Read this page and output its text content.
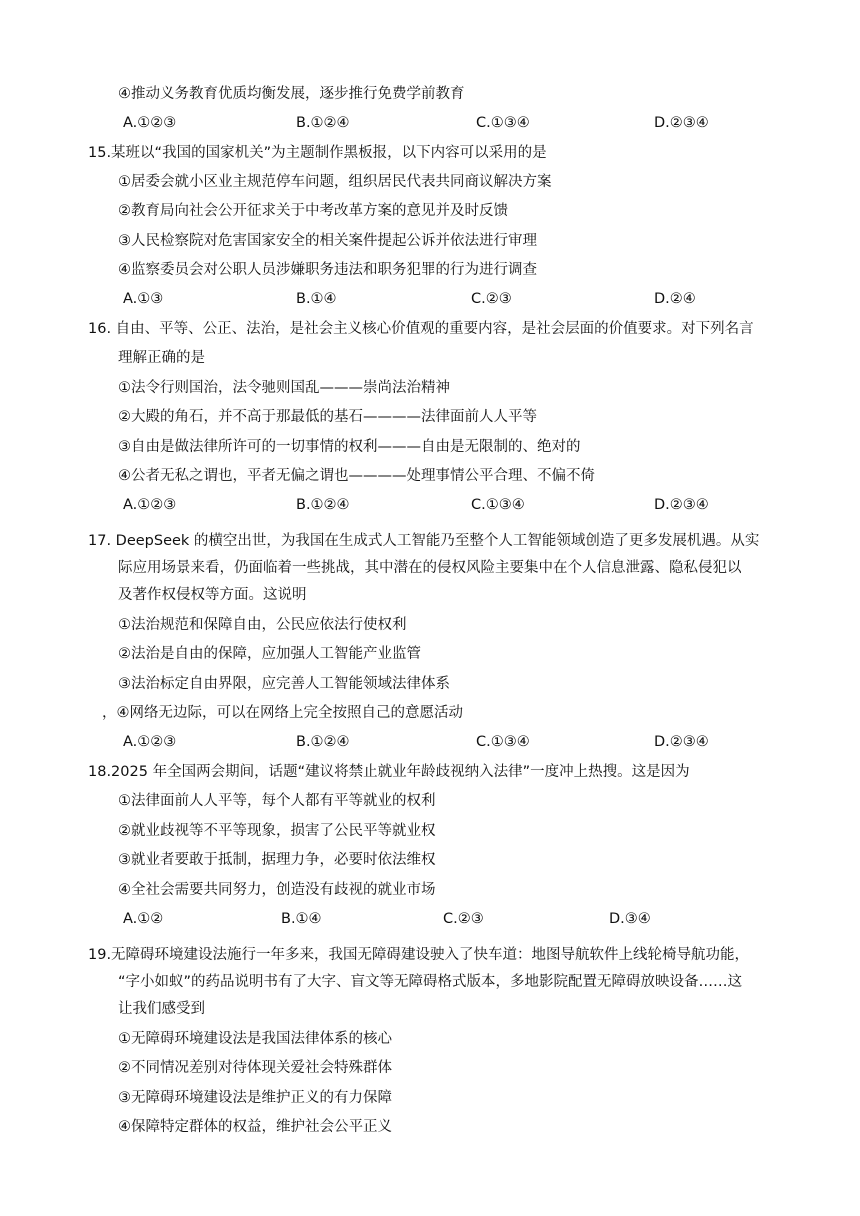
④推动义务教育优质均衡发展，逐步推行免费学前教育
A.①②③	B.①②④	C.①③④	D.②③④
15.某班以“我国的国家机关”为主题制作黑板报，以下内容可以采用的是
①居委会就小区业主规范停车问题，组织居民代表共同商议解决方案
②教育局向社会公开征求关于中考改革方案的意见并及时反馈
③人民检察院对危害国家安全的相关案件提起公诉并依法进行审理
④监察委员会对公职人员涉嫌职务违法和职务犯罪的行为进行调查
A.①③	B.①④	C.②③	D.②④
16. 自由、平等、公正、法治，是社会主义核心价值观的重要内容，是社会层面的价值要求。对下列名言
理解正确的是
①法令行则国治，法令驰则国乱———崇尚法治精神
②大殿的角石，并不高于那最低的基石————法律面前人人平等
③自由是做法律所许可的一切事情的权利———自由是无限制的、绝对的
④公者无私之谓也，平者无偏之谓也————处理事情公平合理、不偏不倚
A.①②③	B.①②④	C.①③④	D.②③④
17. DeepSeek 的横空出世，为我国在生成式人工智能乃至整个人工智能领域创造了更多发展机遇。从实
际应用场景来看，仍面临着一些挑战，其中潜在的侵权风险主要集中在个人信息泄露、隐私侵犯以
及著作权侵权等方面。这说明
①法治规范和保障自由，公民应依法行使权利
②法治是自由的保障，应加强人工智能产业监管
③法治标定自由界限，应完善人工智能领域法律体系
，④网络无边际，可以在网络上完全按照自己的意愿活动
A.①②③	B.①②④	C.①③④	D.②③④
18.2025 年全国两会期间，话题“建议将禁止就业年龄歧视纳入法律”一度冲上热搜。这是因为
①法律面前人人平等，每个人都有平等就业的权利
②就业歧视等不平等现象，损害了公民平等就业权
③就业者要敢于抵制，据理力争，必要时依法维权
④全社会需要共同努力，创造没有歧视的就业市场
A.①②	B.①④	C.②③	D.③④
19.无障碍环境建设法施行一年多来，我国无障碍建设驶入了快车道：地图导航软件上线轮椅导航功能，
“字小如蚁”的药品说明书有了大字、盲文等无障碍格式版本，多地影院配置无障碍放映设备……这
让我们感受到
①无障碍环境建设法是我国法律体系的核心
②不同情况差别对待体现关爱社会特殊群体
③无障碍环境建设法是维护正义的有力保障
④保障特定群体的权益，维护社会公平正义
